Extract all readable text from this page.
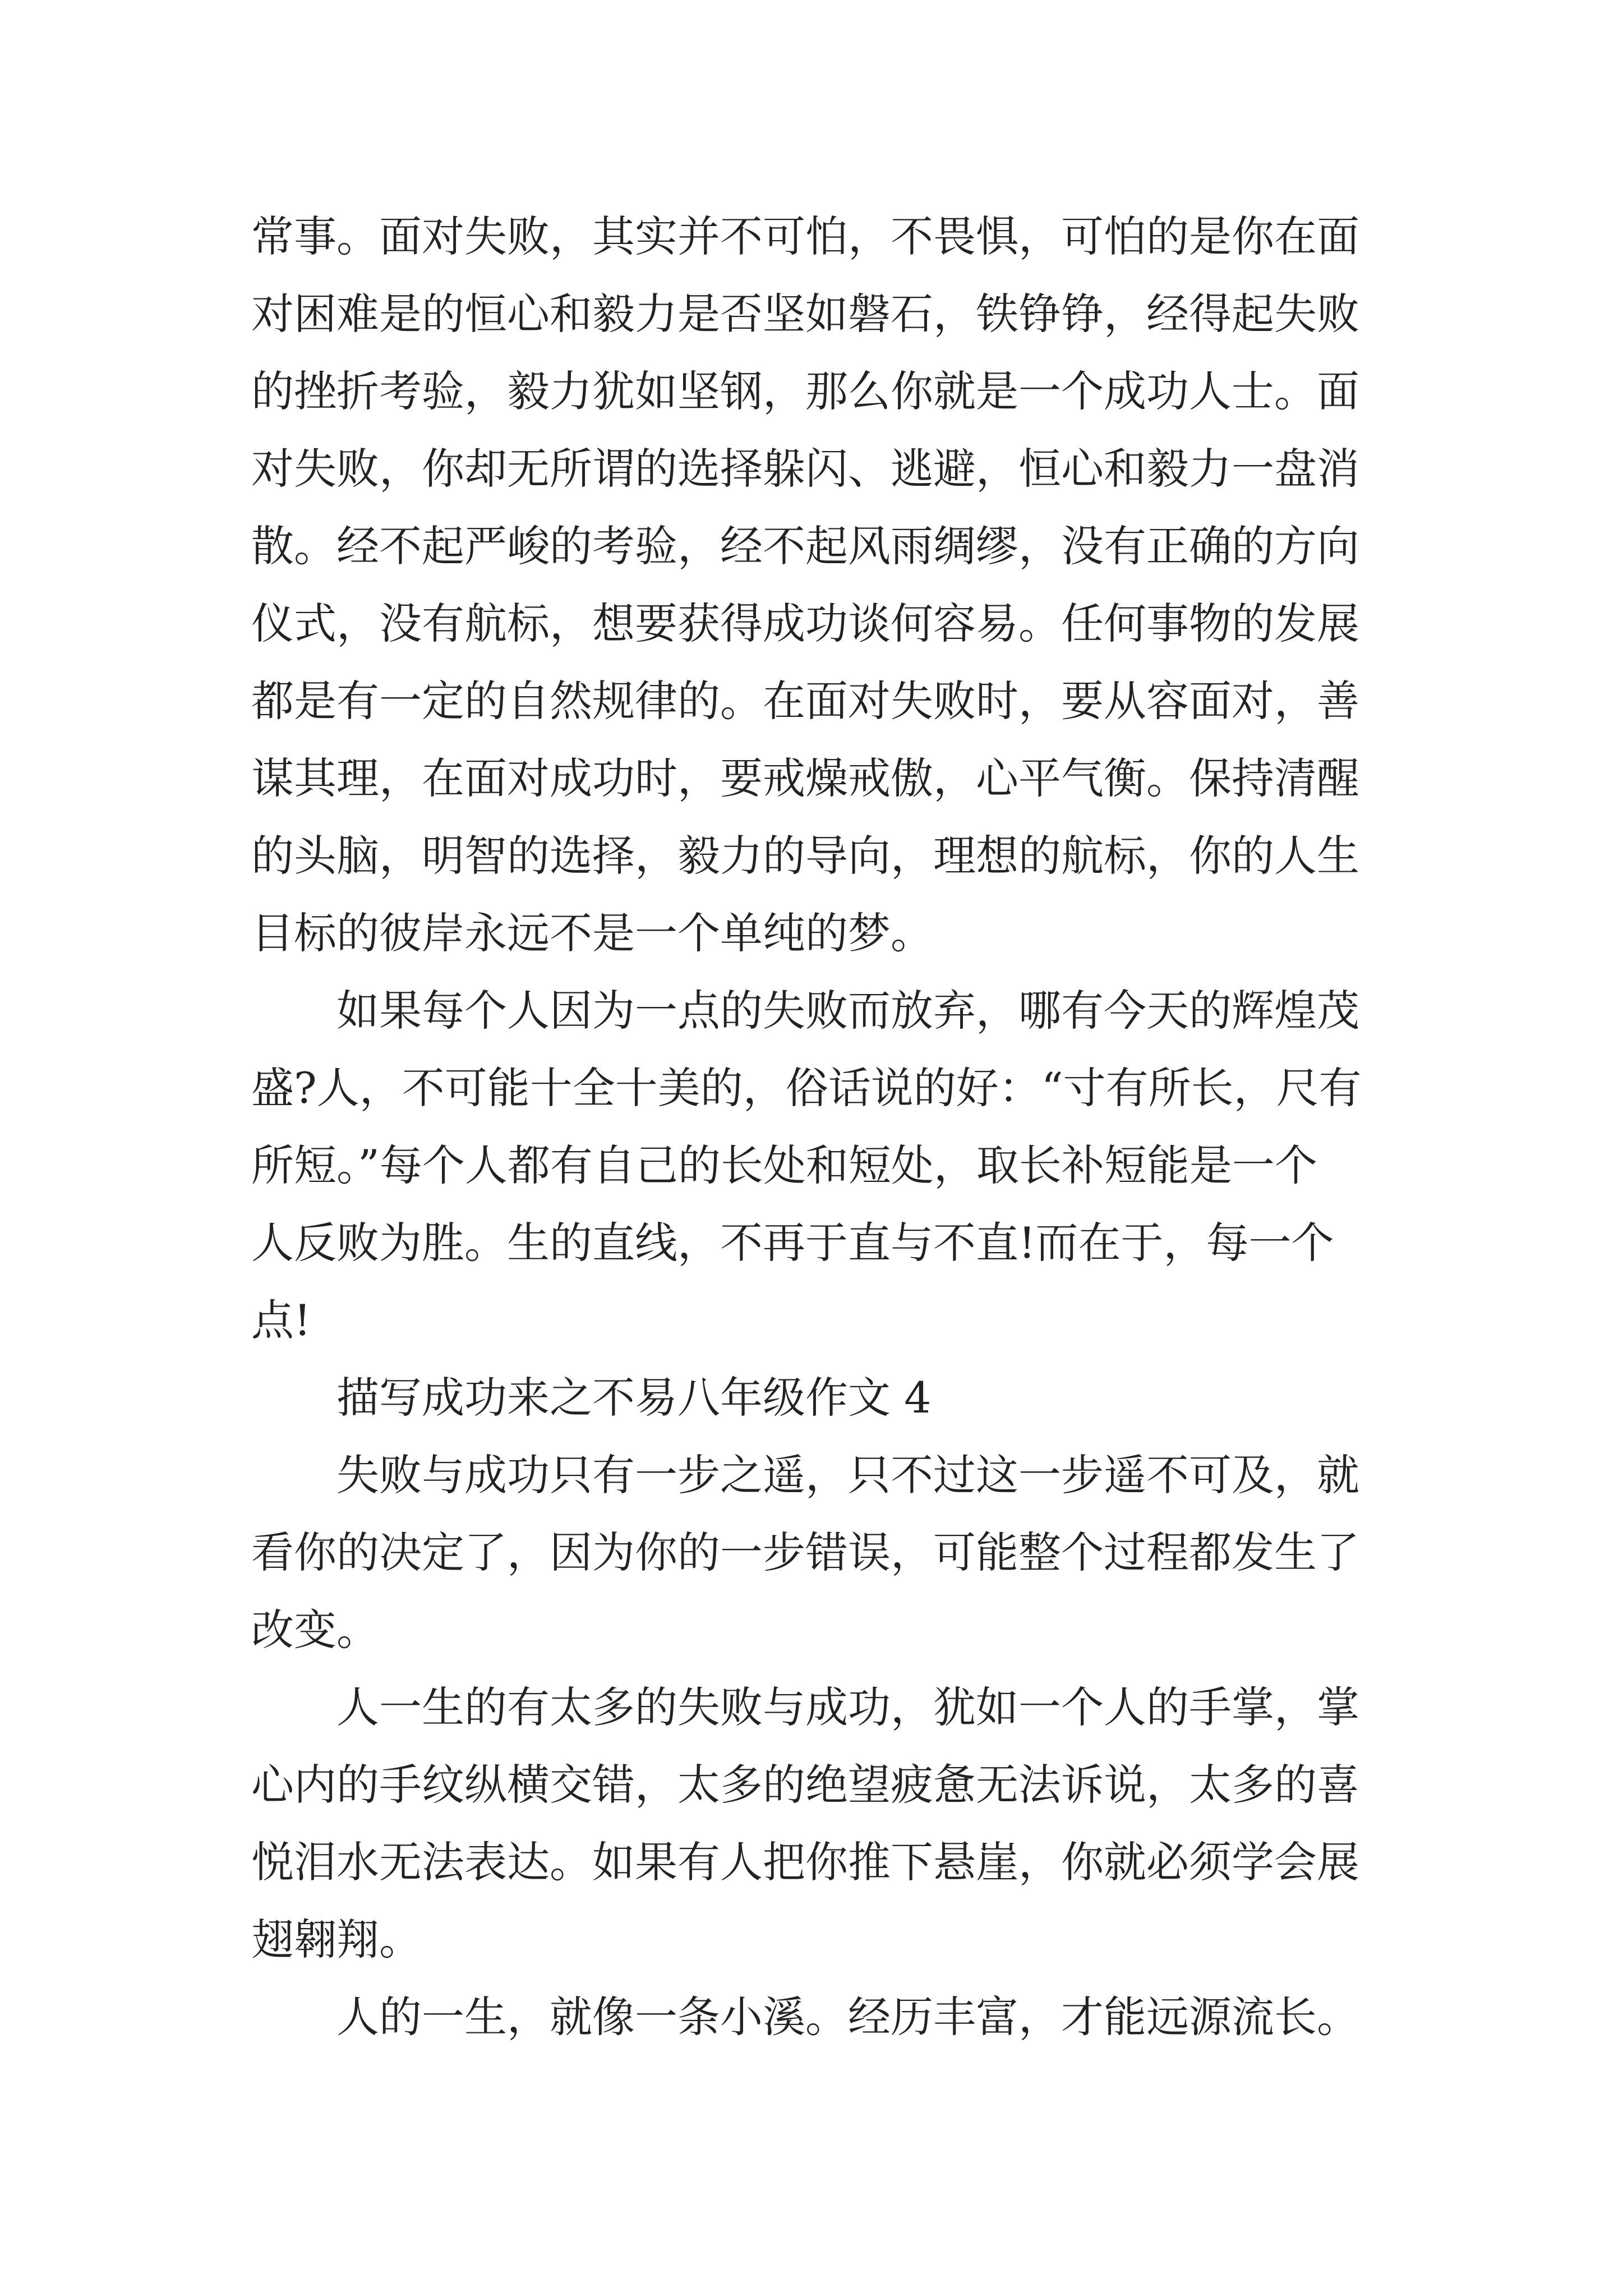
常事。面对失败，其实并不可怕，不畏惧，可怕的是你在面
对困难是的恒心和毅力是否坚如磐石，铁铮铮，经得起失败
的挫折考验，毅力犹如坚钢，那么你就是一个成功人士。面
对失败，你却无所谓的选择躲闪、逃避，恒心和毅力一盘消
散。经不起严峻的考验，经不起风雨绸缪，没有正确的方向
仪式，没有航标，想要获得成功谈何容易。任何事物的发展
都是有一定的自然规律的。在面对失败时，要从容面对，善
谋其理，在面对成功时，要戒燥戒傲，心平气衡。保持清醒
的头脑，明智的选择，毅力的导向，理想的航标，你的人生
目标的彼岸永远不是一个单纯的梦。
如果每个人因为一点的失败而放弃，哪有今天的辉煌茂
盛?人，不可能十全十美的，俗话说的好：“寸有所长，尺有
所短。”每个人都有自己的长处和短处，取长补短能是一个
人反败为胜。生的直线，不再于直与不直!而在于，每一个
点!
描写成功来之不易八年级作文 4
失败与成功只有一步之遥，只不过这一步遥不可及，就
看你的决定了，因为你的一步错误，可能整个过程都发生了
改变。
人一生的有太多的失败与成功，犹如一个人的手掌，掌
心内的手纹纵横交错，太多的绝望疲惫无法诉说，太多的喜
悦泪水无法表达。如果有人把你推下悬崖，你就必须学会展
翅翱翔。
人的一生，就像一条小溪。经历丰富，才能远源流长。
